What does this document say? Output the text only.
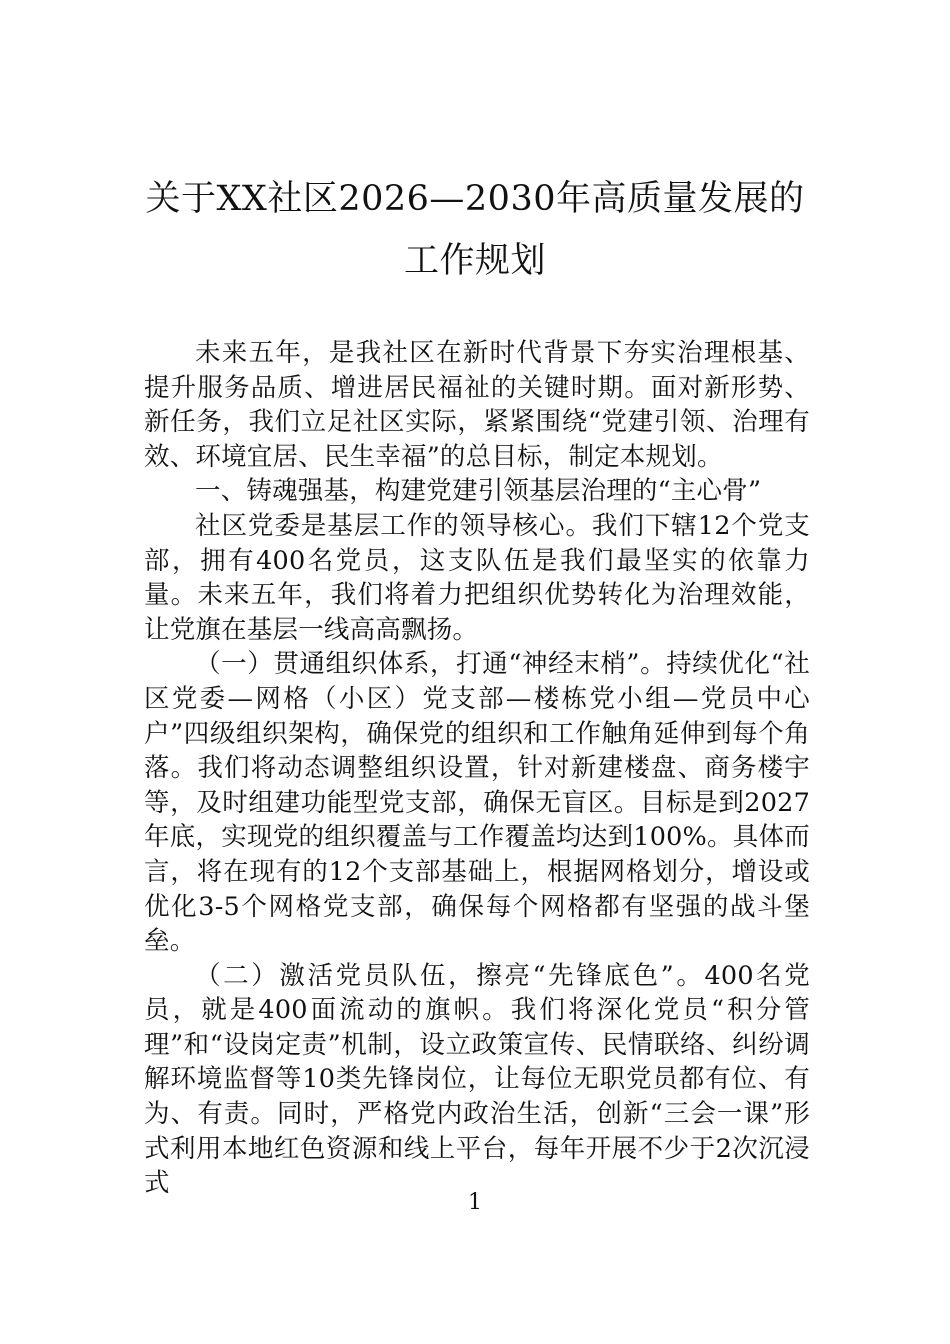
关于XX社区2026—2030年高质量发展的
工作规划

未来五年，是我社区在新时代背景下夯实治理根基、提升服务品质、增进居民福祉的关键时期。面对新形势、新任务，我们立足社区实际，紧紧围绕“党建引领、治理有效、环境宜居、民生幸福”的总目标，制定本规划。

一、铸魂强基，构建党建引领基层治理的“主心骨”

社区党委是基层工作的领导核心。我们下辖12个党支部，拥有400名党员，这支队伍是我们最坚实的依靠力量。未来五年，我们将着力把组织优势转化为治理效能，让党旗在基层一线高高飘扬。

（一）贯通组织体系，打通“神经末梢”。持续优化“社区党委—网格（小区）党支部—楼栋党小组—党员中心户”四级组织架构，确保党的组织和工作触角延伸到每个角落。我们将动态调整组织设置，针对新建楼盘、商务楼宇等，及时组建功能型党支部，确保无盲区。目标是到2027年底，实现党的组织覆盖与工作覆盖均达到100%。具体而言，将在现有的12个支部基础上，根据网格划分，增设或优化3-5个网格党支部，确保每个网格都有坚强的战斗堡垒。

（二）激活党员队伍，擦亮“先锋底色”。400名党员，就是400面流动的旗帜。我们将深化党员“积分管理”和“设岗定责”机制，设立政策宣传、民情联络、纠纷调解环境监督等10类先锋岗位，让每位无职党员都有位、有为、有责。同时，严格党内政治生活，创新“三会一课”形式利用本地红色资源和线上平台，每年开展不少于2次沉浸式

1
